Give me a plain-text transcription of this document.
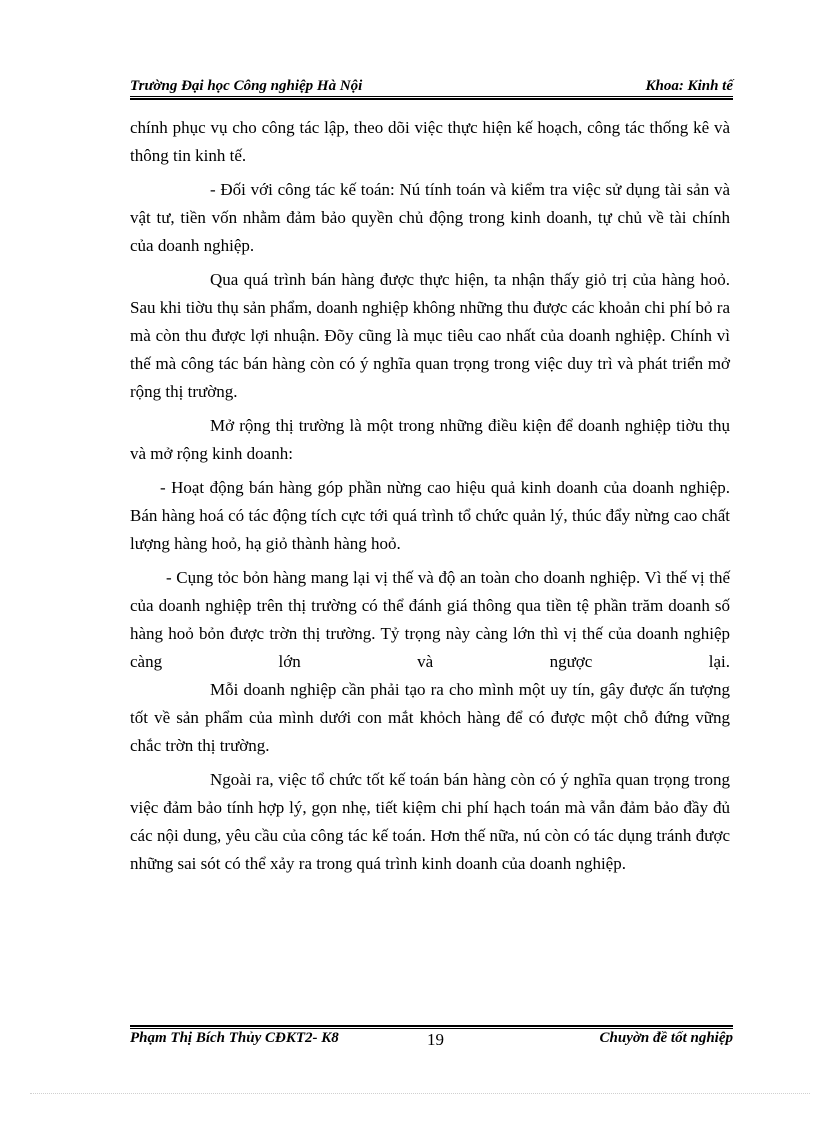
Trường Đại học Công nghiệp Hà Nội	Khoa: Kinh tế

chính phục vụ cho công tác lập, theo dõi việc thực hiện kế hoạch, công tác thống kê và thông tin kinh tế.

- Đối với công tác kế toán: Nú tính toán và kiểm tra việc sử dụng tài sản và vật tư, tiền vốn nhằm đảm bảo quyền chủ động trong kinh doanh, tự chủ về tài chính của doanh nghiệp.

Qua quá trình bán hàng được thực hiện, ta nhận thấy giỏ trị của hàng hoỏ. Sau khi tiờu thụ sản phẩm, doanh nghiệp không những thu được các khoản chi phí bỏ ra mà còn thu được lợi nhuận. Đõy cũng là mục tiêu cao nhất của doanh nghiệp. Chính vì thế mà công tác bán hàng còn có ý nghĩa quan trọng trong việc duy trì và phát triển mở rộng thị trường.

Mở rộng thị trường là một trong những điều kiện để doanh nghiệp tiờu thụ và mở rộng kinh doanh:

- Hoạt động bán hàng góp phần nừng cao hiệu quả kinh doanh của doanh nghiệp. Bán hàng hoá có tác động tích cực tới quá trình tổ chức quản lý, thúc đẩy nừng cao chất lượng hàng hoỏ, hạ giỏ thành hàng hoỏ.

- Cụng tỏc bỏn hàng mang lại vị thế và độ an toàn cho doanh nghiệp. Vì thế vị thế của doanh nghiệp trên thị trường có thể đánh giá thông qua tiền tệ phần trăm doanh số hàng hoỏ bỏn được trờn thị trường. Tỷ trọng này càng lớn thì vị thế của doanh nghiệp càng lớn và ngược lại.

Mỗi doanh nghiệp cần phải tạo ra cho mình một uy tín, gây được ấn tượng tốt về sản phẩm của mình dưới con mắt khỏch hàng để có được một chỗ đứng vững chắc trờn thị trường.

Ngoài ra, việc tổ chức tốt kế toán bán hàng còn có ý nghĩa quan trọng trong việc đảm bảo tính hợp lý, gọn nhẹ, tiết kiệm chi phí hạch toán mà vẫn đảm bảo đầy đủ các nội dung, yêu cầu của công tác kế toán. Hơn thế nữa, nú còn có tác dụng tránh được những sai sót có thể xảy ra trong quá trình kinh doanh của doanh nghiệp.

Phạm Thị Bích Thủy CĐKT2- K8	19	Chuyờn đề tốt nghiệp
